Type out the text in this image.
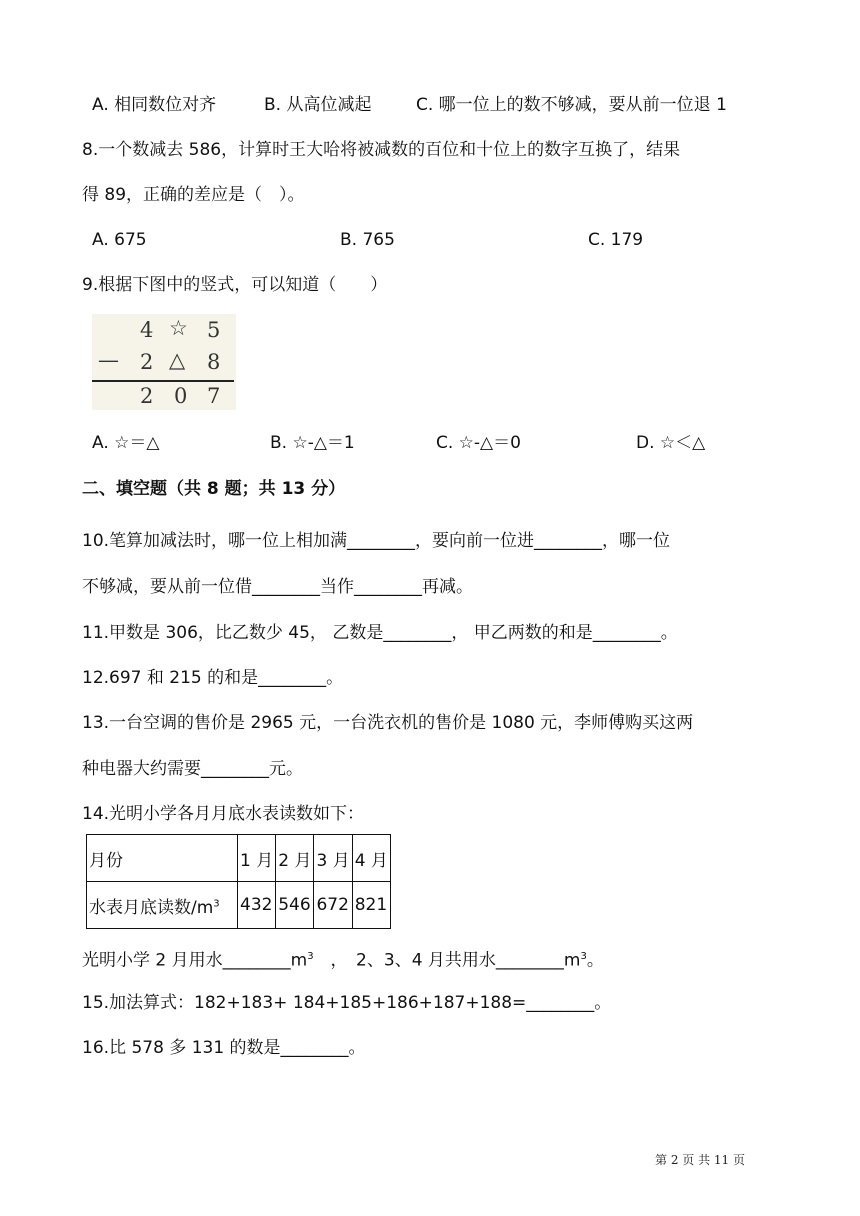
A. 相同数位对齐	B. 从高位减起	C. 哪一位上的数不够减，要从前一位退 1
8.一个数减去 586，计算时王大哈将被减数的百位和十位上的数字互换了，结果
得 89，正确的差应是（　）。
A. 675	B. 765	C. 179
9.根据下图中的竖式，可以知道（　　）
4 ☆ 5
— 2 △ 8
2 0 7
A. ☆＝△	B. ☆-△＝1	C. ☆-△＝0	D. ☆＜△
二、填空题（共 8 题；共 13 分）
10.笔算加减法时，哪一位上相加满________，要向前一位进________，哪一位
不够减，要从前一位借________当作________再减。
11.甲数是 306，比乙数少 45， 乙数是________， 甲乙两数的和是________。
12.697 和 215 的和是________。
13.一台空调的售价是 2965 元，一台洗衣机的售价是 1080 元，李师傅购买这两
种电器大约需要________元。
14.光明小学各月月底水表读数如下：
月份	1 月	2 月	3 月	4 月
水表月底读数$/m^3$	432	546	672	821
光明小学 2 月用水$\_\_\_\_\_\_\_\_m^3$　，　2、3、4 月共用水$\_\_\_\_\_\_\_\_m^3$。
15.加法算式：182+183+ 184+185+186+187+188=________。
16.比 578 多 131 的数是________。
第 2 页 共 11 页
